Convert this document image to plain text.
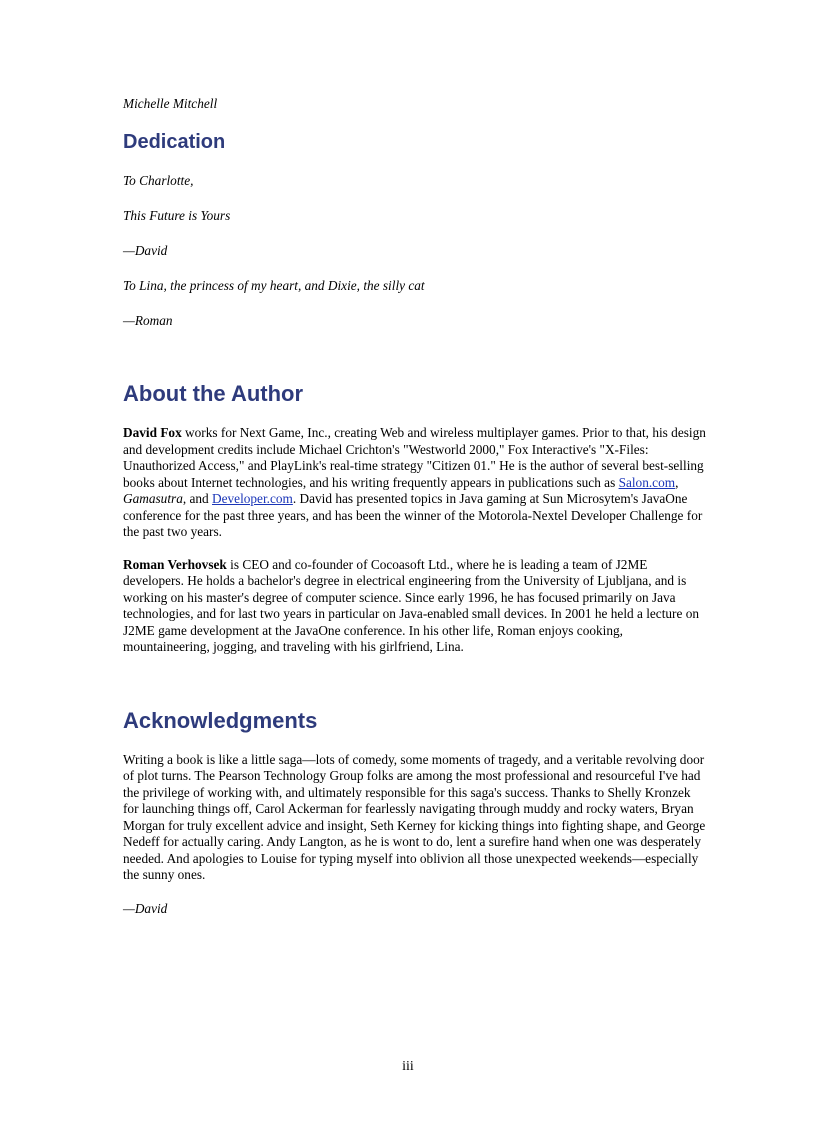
Michelle Mitchell

Dedication

To Charlotte,

This Future is Yours

—David

To Lina, the princess of my heart, and Dixie, the silly cat

—Roman

About the Author

David Fox works for Next Game, Inc., creating Web and wireless multiplayer games. Prior to that, his design and development credits include Michael Crichton's "Westworld 2000," Fox Interactive's "X-Files: Unauthorized Access," and PlayLink's real-time strategy "Citizen 01." He is the author of several best-selling books about Internet technologies, and his writing frequently appears in publications such as Salon.com, Gamasutra, and Developer.com. David has presented topics in Java gaming at Sun Microsytem's JavaOne conference for the past three years, and has been the winner of the Motorola-Nextel Developer Challenge for the past two years.

Roman Verhovsek is CEO and co-founder of Cocoasoft Ltd., where he is leading a team of J2ME developers. He holds a bachelor's degree in electrical engineering from the University of Ljubljana, and is working on his master's degree of computer science. Since early 1996, he has focused primarily on Java technologies, and for last two years in particular on Java-enabled small devices. In 2001 he held a lecture on J2ME game development at the JavaOne conference. In his other life, Roman enjoys cooking, mountaineering, jogging, and traveling with his girlfriend, Lina.

Acknowledgments

Writing a book is like a little saga—lots of comedy, some moments of tragedy, and a veritable revolving door of plot turns. The Pearson Technology Group folks are among the most professional and resourceful I've had the privilege of working with, and ultimately responsible for this saga's success. Thanks to Shelly Kronzek for launching things off, Carol Ackerman for fearlessly navigating through muddy and rocky waters, Bryan Morgan for truly excellent advice and insight, Seth Kerney for kicking things into fighting shape, and George Nedeff for actually caring. Andy Langton, as he is wont to do, lent a surefire hand when one was desperately needed. And apologies to Louise for typing myself into oblivion all those unexpected weekends—especially the sunny ones.

—David

iii
